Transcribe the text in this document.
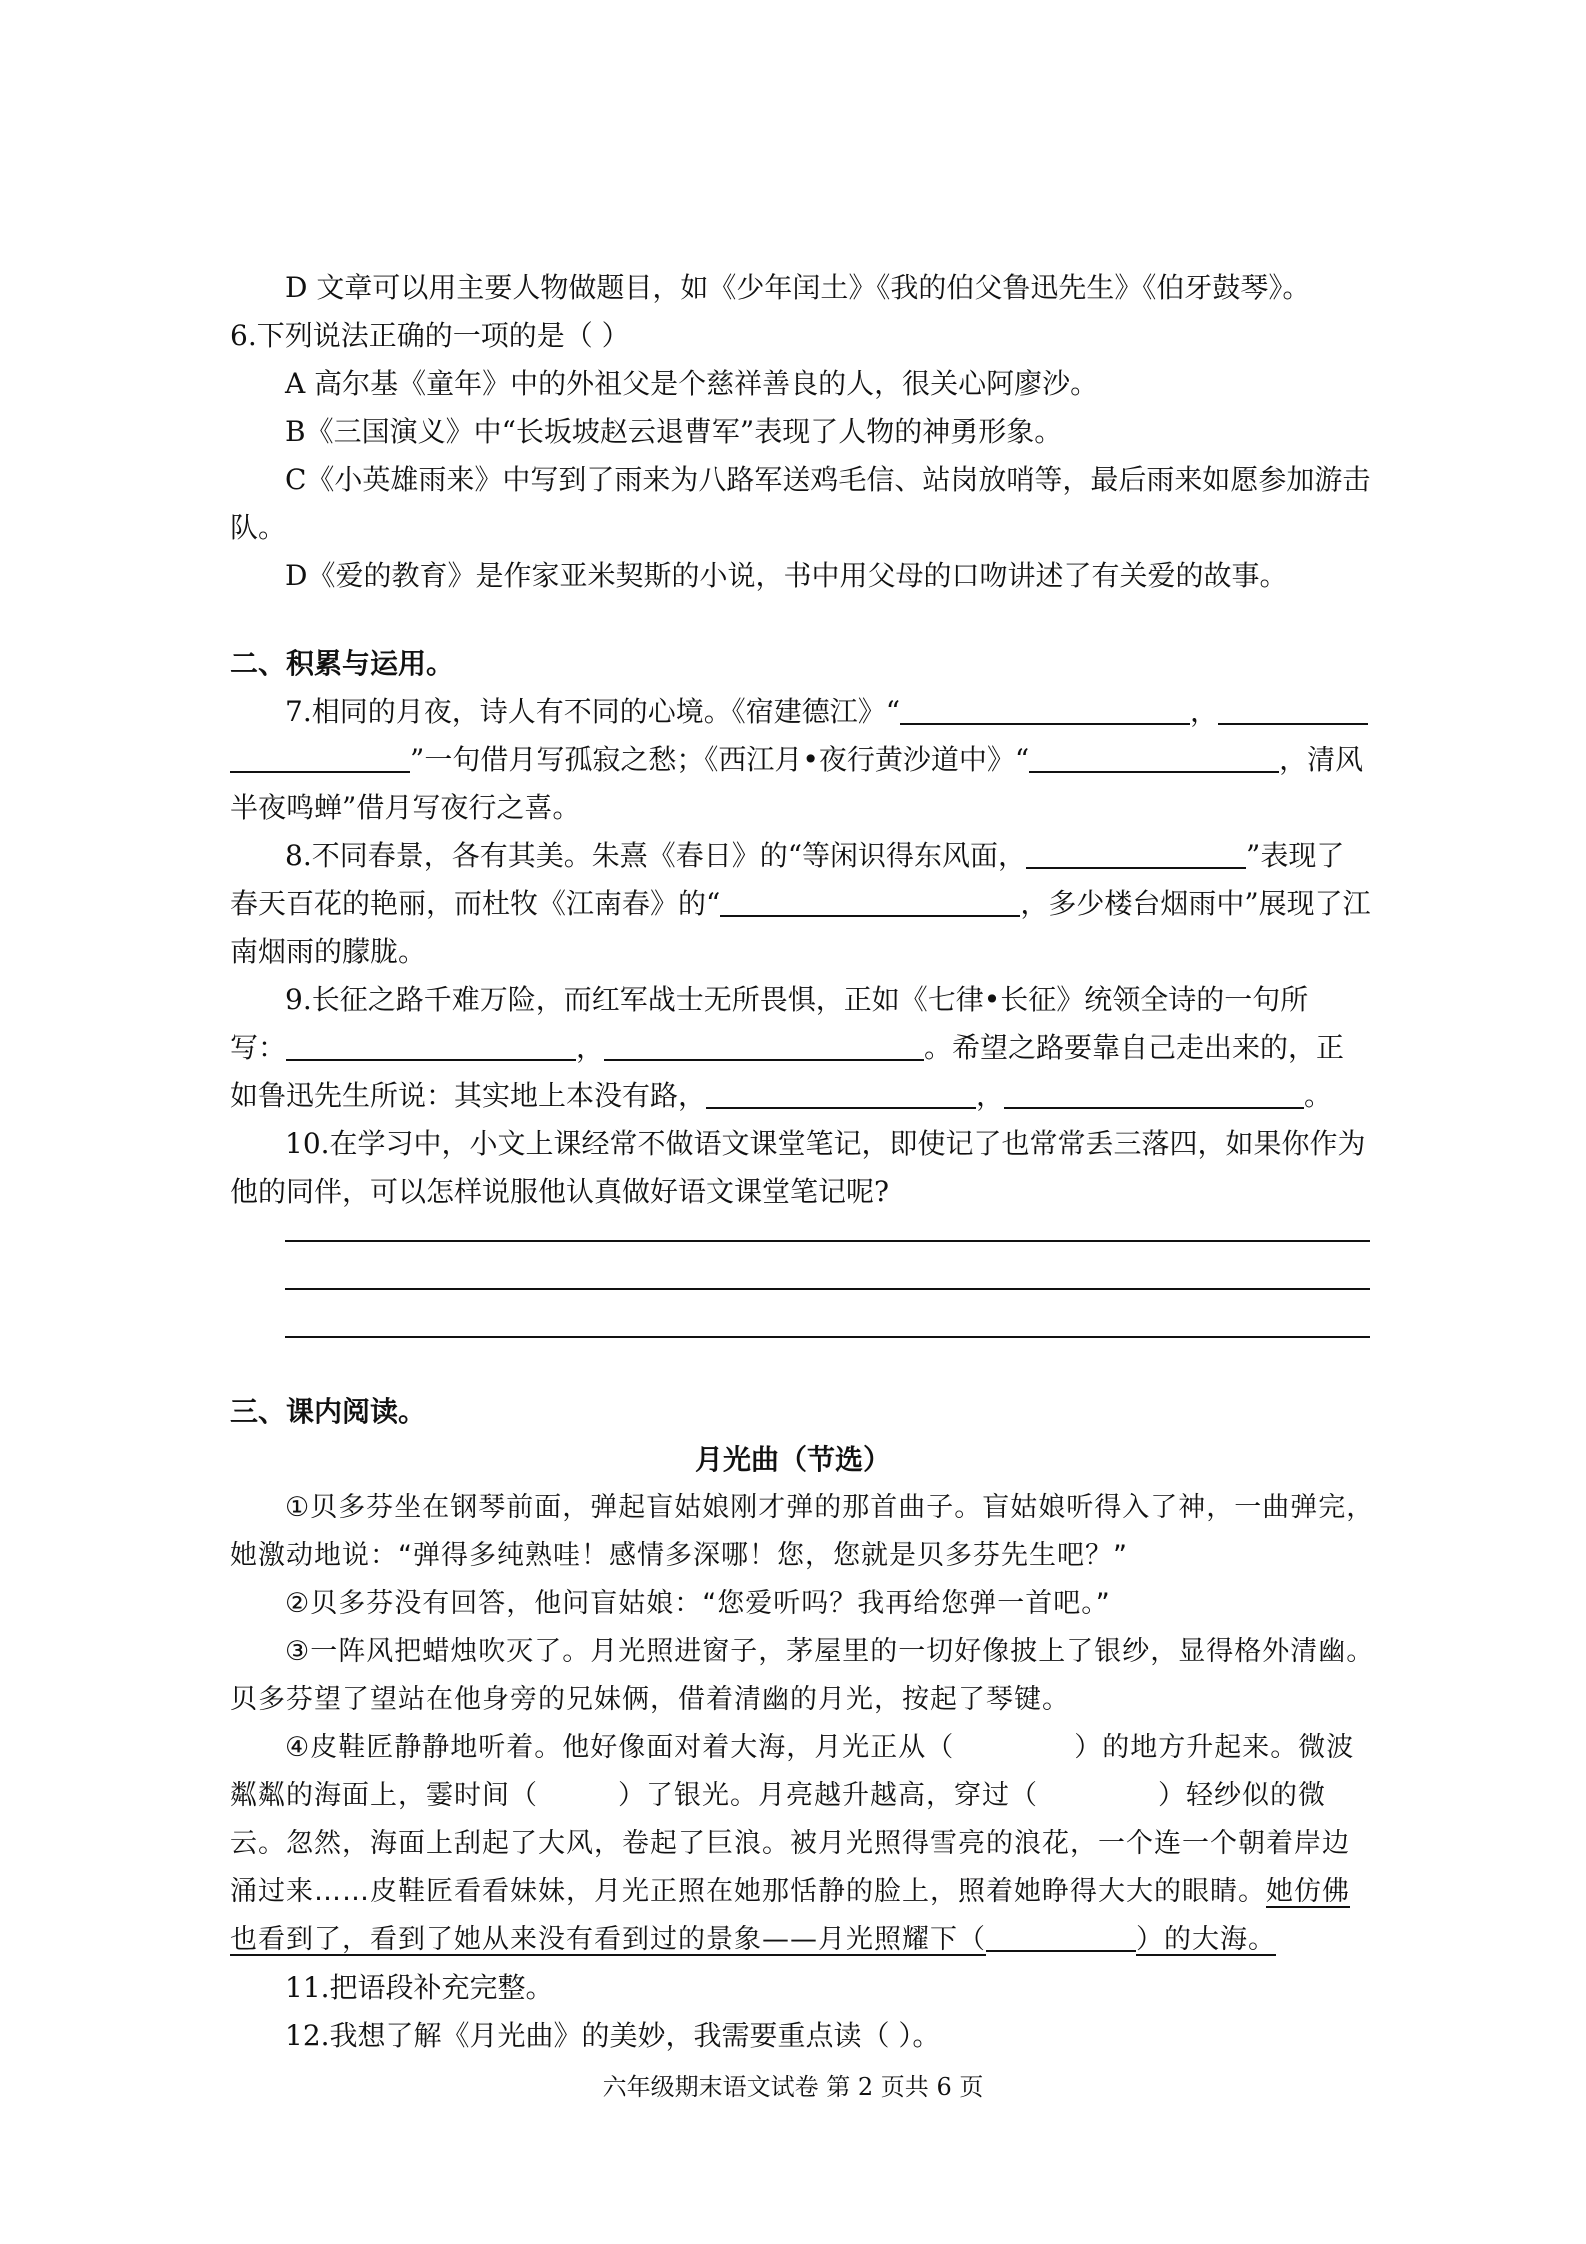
D 文章可以用主要人物做题目，如《少年闰土》《我的伯父鲁迅先生》《伯牙鼓琴》。
6.下列说法正确的一项的是（ ）
A 高尔基《童年》中的外祖父是个慈祥善良的人，很关心阿廖沙。
B《三国演义》中“长坂坡赵云退曹军”表现了人物的神勇形象。
C《小英雄雨来》中写到了雨来为八路军送鸡毛信、站岗放哨等，最后雨来如愿参加游击
队。
D《爱的教育》是作家亚米契斯的小说，书中用父母的口吻讲述了有关爱的故事。
二、积累与运用。
7.相同的月夜，诗人有不同的心境。《宿建德江》“	，
”一句借月写孤寂之愁；《西江月•夜行黄沙道中》“	，清风
半夜鸣蝉”借月写夜行之喜。
8.不同春景，各有其美。朱熹《春日》的“等闲识得东风面，	”表现了
春天百花的艳丽，而杜牧《江南春》的“	，多少楼台烟雨中”展现了江
南烟雨的朦胧。
9.长征之路千难万险，而红军战士无所畏惧，正如《七律•长征》统领全诗的一句所
写：	，	。希望之路要靠自己走出来的，正
如鲁迅先生所说：其实地上本没有路，	，	。
10.在学习中，小文上课经常不做语文课堂笔记，即使记了也常常丢三落四，如果你作为
他的同伴，可以怎样说服他认真做好语文课堂笔记呢?
三、课内阅读。
月光曲（节选）
①贝多芬坐在钢琴前面，弹起盲姑娘刚才弹的那首曲子。盲姑娘听得入了神，一曲弹完，
她激动地说：“弹得多纯熟哇！感情多深哪！您，您就是贝多芬先生吧？”
②贝多芬没有回答，他问盲姑娘：“您爱听吗？我再给您弹一首吧。”
③一阵风把蜡烛吹灭了。月光照进窗子，茅屋里的一切好像披上了银纱，显得格外清幽。
贝多芬望了望站在他身旁的兄妹俩，借着清幽的月光，按起了琴键。
④皮鞋匠静静地听着。他好像面对着大海，月光正从（	）的地方升起来。微波
粼粼的海面上，霎时间（	）了银光。月亮越升越高，穿过（	）轻纱似的微
云。忽然，海面上刮起了大风，卷起了巨浪。被月光照得雪亮的浪花，一个连一个朝着岸边
涌过来……皮鞋匠看看妹妹，月光正照在她那恬静的脸上，照着她睁得大大的眼睛。她仿佛
也看到了，看到了她从来没有看到过的景象——月光照耀下（	）的大海。
11.把语段补充完整。
12.我想了解《月光曲》的美妙，我需要重点读（ ）。
六年级期末语文试卷 第 2 页共 6 页
